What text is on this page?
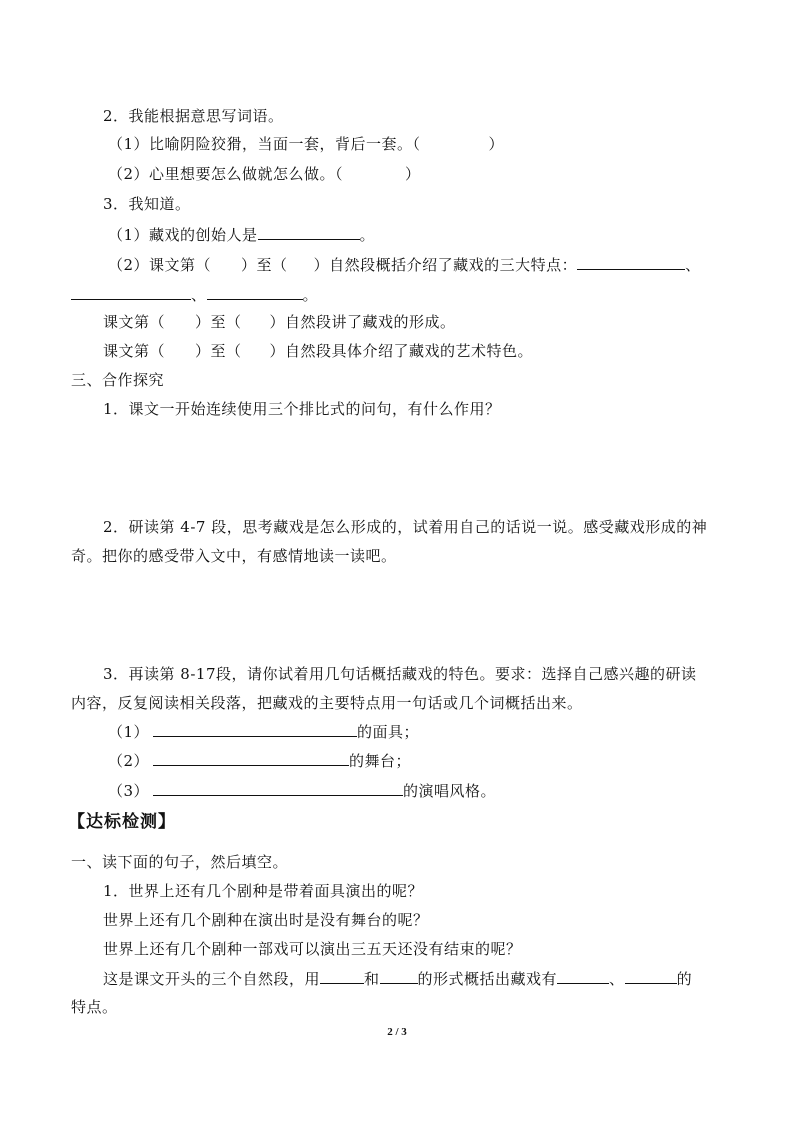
2．我能根据意思写词语。
（1）比喻阴险狡猾，当面一套，背后一套。（	）
（2）心里想要怎么做就怎么做。（	）
3．我知道。
（1）藏戏的创始人是	。
（2）课文第（ ）至（ ）自然段概括介绍了藏戏的三大特点：	、
、	。
课文第（ ）至（ ）自然段讲了藏戏的形成。
课文第（ ）至（ ）自然段具体介绍了藏戏的艺术特色。
三、合作探究
1．课文一开始连续使用三个排比式的问句，有什么作用？
2．研读第 4-7 段，思考藏戏是怎么形成的，试着用自己的话说一说。感受藏戏形成的神
奇。把你的感受带入文中，有感情地读一读吧。
3．再读第 8-17段，请你试着用几句话概括藏戏的特色。要求：选择自己感兴趣的研读
内容，反复阅读相关段落，把藏戏的主要特点用一句话或几个词概括出来。
（1）	的面具；
（2）	的舞台；
（3）	的演唱风格。
【达标检测】
一、读下面的句子，然后填空。
1．世界上还有几个剧种是带着面具演出的呢？
世界上还有几个剧种在演出时是没有舞台的呢？
世界上还有几个剧种一部戏可以演出三五天还没有结束的呢？
这是课文开头的三个自然段，用	和	的形式概括出藏戏有	、	的
特点。
2 / 3
